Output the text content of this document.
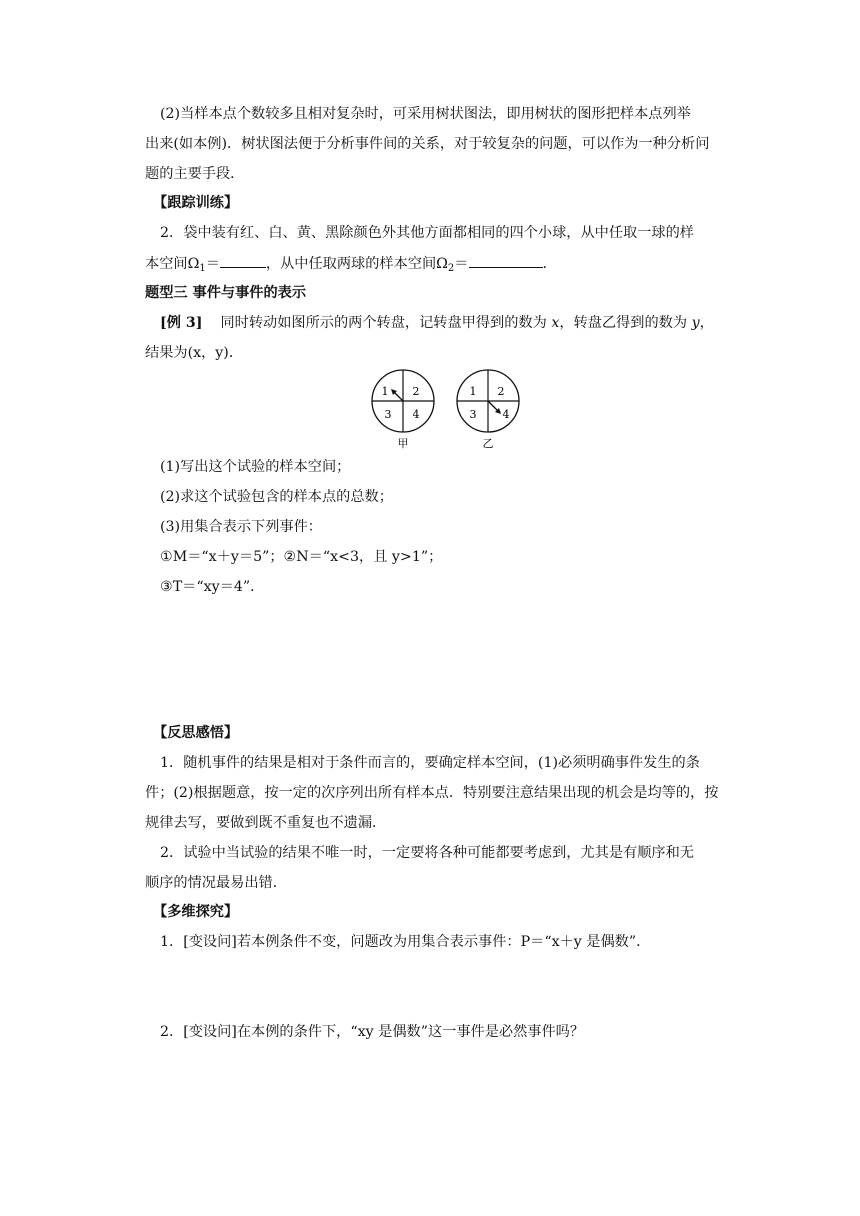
(2)当样本点个数较多且相对复杂时，可采用树状图法，即用树状的图形把样本点列举
出来(如本例)．树状图法便于分析事件间的关系，对于较复杂的问题，可以作为一种分析问
题的主要手段．
【跟踪训练】
2．袋中装有红、白、黄、黑除颜色外其他方面都相同的四个小球，从中任取一球的样
本空间$\Omega_1=$	，从中任取两球的样本空间$\Omega_2=$	.
题型三 事件与事件的表示
[例 3] 同时转动如图所示的两个转盘，记转盘甲得到的数为 x，转盘乙得到的数为 y，
结果为(x，y)．
1 2
3 4
甲
1 2
3 4
乙
(1)写出这个试验的样本空间；
(2)求这个试验包含的样本点的总数；
(3)用集合表示下列事件：
①M＝“x＋y＝5”；②N＝“x<3，且 y>1”；
③T＝“xy＝4”．
【反思感悟】
1．随机事件的结果是相对于条件而言的，要确定样本空间，(1)必须明确事件发生的条
件；(2)根据题意，按一定的次序列出所有样本点．特别要注意结果出现的机会是均等的，按
规律去写，要做到既不重复也不遗漏．
2．试验中当试验的结果不唯一时，一定要将各种可能都要考虑到，尤其是有顺序和无
顺序的情况最易出错．
【多维探究】
1．[变设问]若本例条件不变，问题改为用集合表示事件：P＝“x＋y 是偶数”．
2．[变设问]在本例的条件下，“xy 是偶数”这一事件是必然事件吗？
